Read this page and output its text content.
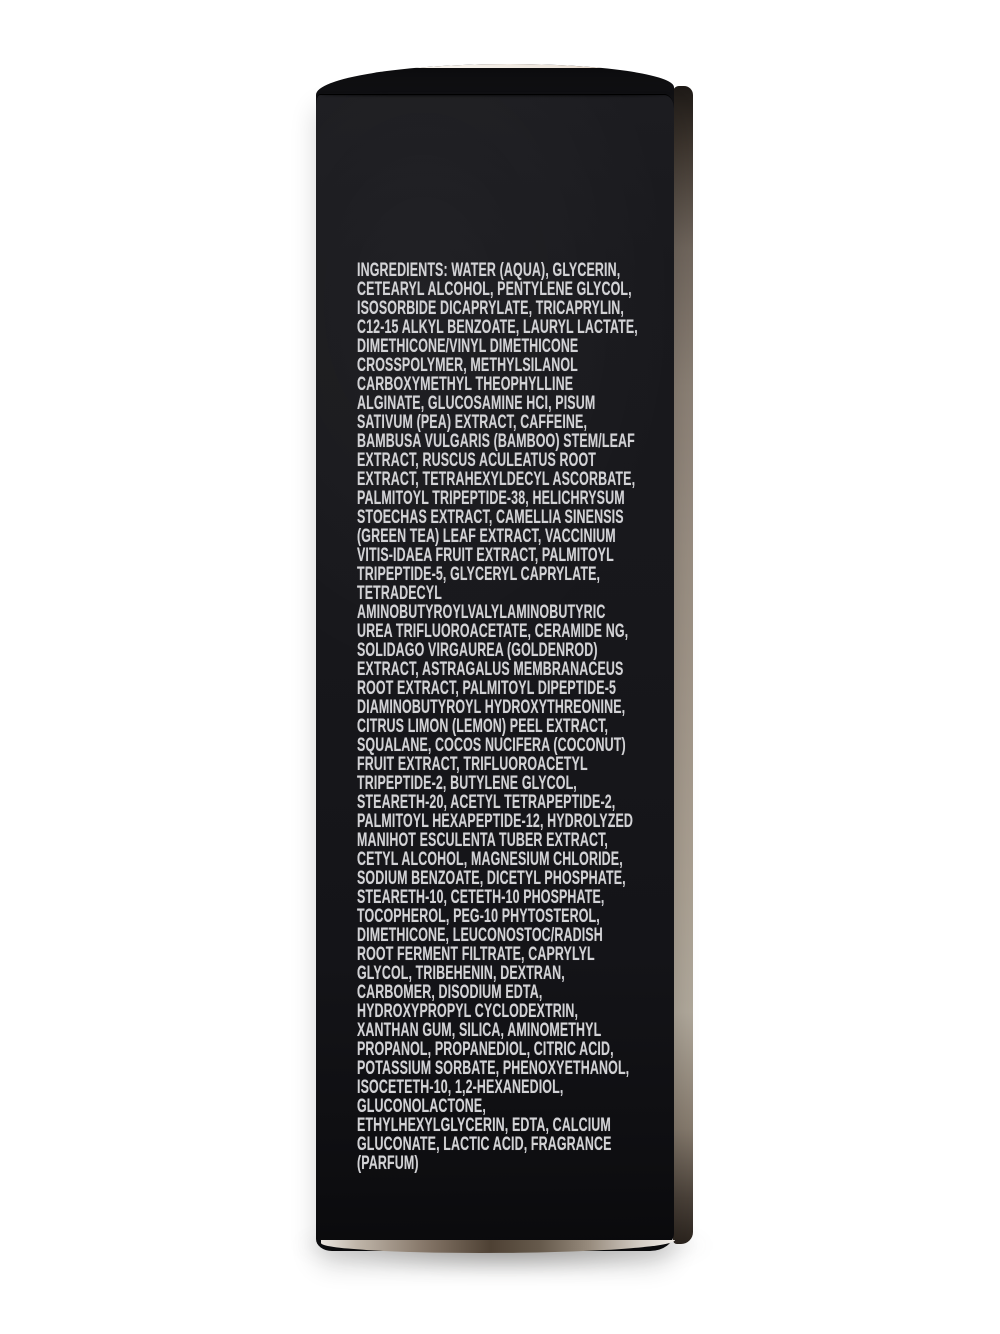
INGREDIENTS: WATER (AQUA), GLYCERIN,
CETEARYL ALCOHOL, PENTYLENE GLYCOL,
ISOSORBIDE DICAPRYLATE, TRICAPRYLIN,
C12-15 ALKYL BENZOATE, LAURYL LACTATE,
DIMETHICONE/VINYL DIMETHICONE
CROSSPOLYMER, METHYLSILANOL
CARBOXYMETHYL THEOPHYLLINE
ALGINATE, GLUCOSAMINE HCI, PISUM
SATIVUM (PEA) EXTRACT, CAFFEINE,
BAMBUSA VULGARIS (BAMBOO) STEM/LEAF
EXTRACT, RUSCUS ACULEATUS ROOT
EXTRACT, TETRAHEXYLDECYL ASCORBATE,
PALMITOYL TRIPEPTIDE-38, HELICHRYSUM
STOECHAS EXTRACT, CAMELLIA SINENSIS
(GREEN TEA) LEAF EXTRACT, VACCINIUM
VITIS-IDAEA FRUIT EXTRACT, PALMITOYL
TRIPEPTIDE-5, GLYCERYL CAPRYLATE,
TETRADECYL
AMINOBUTYROYLVALYLAMINOBUTYRIC
UREA TRIFLUOROACETATE, CERAMIDE NG,
SOLIDAGO VIRGAUREA (GOLDENROD)
EXTRACT, ASTRAGALUS MEMBRANACEUS
ROOT EXTRACT, PALMITOYL DIPEPTIDE-5
DIAMINOBUTYROYL HYDROXYTHREONINE,
CITRUS LIMON (LEMON) PEEL EXTRACT,
SQUALANE, COCOS NUCIFERA (COCONUT)
FRUIT EXTRACT, TRIFLUOROACETYL
TRIPEPTIDE-2, BUTYLENE GLYCOL,
STEARETH-20, ACETYL TETRAPEPTIDE-2,
PALMITOYL HEXAPEPTIDE-12, HYDROLYZED
MANIHOT ESCULENTA TUBER EXTRACT,
CETYL ALCOHOL, MAGNESIUM CHLORIDE,
SODIUM BENZOATE, DICETYL PHOSPHATE,
STEARETH-10, CETETH-10 PHOSPHATE,
TOCOPHEROL, PEG-10 PHYTOSTEROL,
DIMETHICONE, LEUCONOSTOC/RADISH
ROOT FERMENT FILTRATE, CAPRYLYL
GLYCOL, TRIBEHENIN, DEXTRAN,
CARBOMER, DISODIUM EDTA,
HYDROXYPROPYL CYCLODEXTRIN,
XANTHAN GUM, SILICA, AMINOMETHYL
PROPANOL, PROPANEDIOL, CITRIC ACID,
POTASSIUM SORBATE, PHENOXYETHANOL,
ISOCETETH-10, 1,2-HEXANEDIOL,
GLUCONOLACTONE,
ETHYLHEXYLGLYCERIN, EDTA, CALCIUM
GLUCONATE, LACTIC ACID, FRAGRANCE
(PARFUM)
